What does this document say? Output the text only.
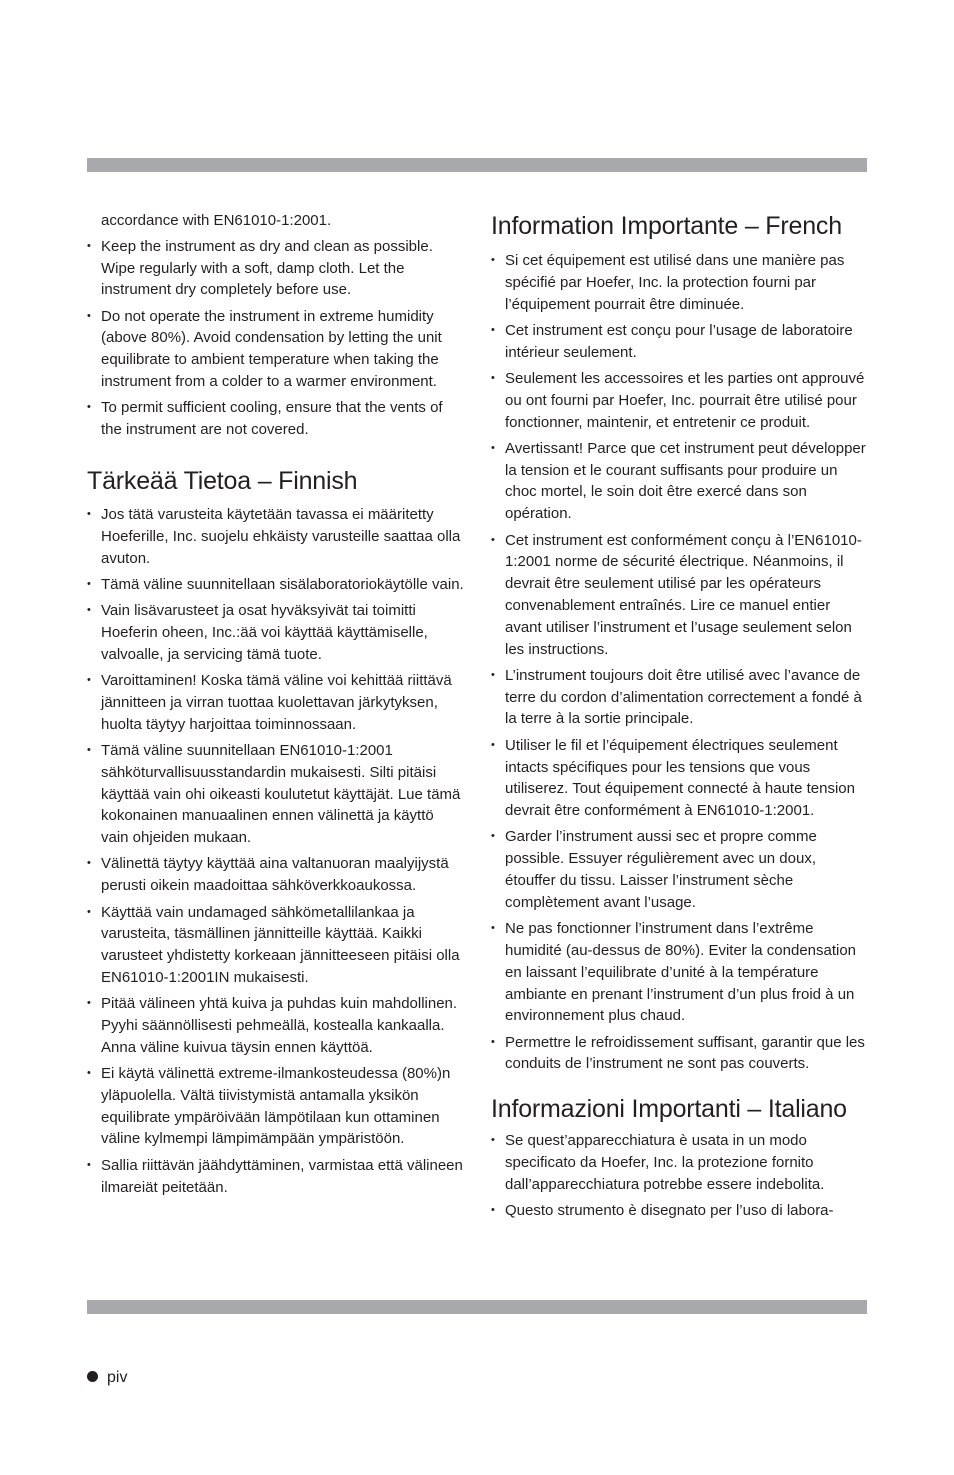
accordance with EN61010-1:2001.

• Keep the instrument as dry and clean as possible. Wipe regularly with a soft, damp cloth. Let the instrument dry completely before use.
• Do not operate the instrument in extreme humidity (above 80%). Avoid condensation by letting the unit equilibrate to ambient temperature when taking the instrument from a colder to a warmer environment.
• To permit sufficient cooling, ensure that the vents of the instrument are not covered.
Tärkeää Tietoa – Finnish
• Jos tätä varusteita käytetään tavassa ei määritetty Hoeferille, Inc. suojelu ehkäisty varusteille saattaa olla avuton.
• Tämä väline suunnitellaan sisälaboratoriokäytölle vain.
• Vain lisävarusteet ja osat hyväksyivät tai toimitti Hoeferin oheen, Inc.:ää voi käyttää käyttämiselle, valvoalle, ja servicing tämä tuote.
• Varoittaminen! Koska tämä väline voi kehittää riittävä jännitteen ja virran tuottaa kuolettavan järkytyksen, huolta täytyy harjoittaa toiminnossaan.
• Tämä väline suunnitellaan EN61010-1:2001 sähköturvallisuusstandardin mukaisesti. Silti pitäisi käyttää vain ohi oikeasti koulutetut käyttäjät. Lue tämä kokonainen manuaalinen ennen välinettä ja käyttö vain ohjeiden mukaan.
• Välinettä täytyy käyttää aina valtanuoran maalyijystä perusti oikein maadoittaa sähköverkkoaukossa.
• Käyttää vain undamaged sähkömetallilankaa ja varusteita, täsmällinen jännitteille käyttää. Kaikki varusteet yhdistetty korkeaan jännitteeseen pitäisi olla EN61010-1:2001IN mukaisesti.
• Pitää välineen yhtä kuiva ja puhdas kuin mahdollinen. Pyyhi säännöllisesti pehmeällä, kostealla kankaalla. Anna väline kuivua täysin ennen käyttöä.
• Ei käytä välinettä extreme-ilmankosteudessa (80%)n yläpuolella. Vältä tiivistymistä antamalla yksikön equilibrate ympäröivään lämpötilaan kun ottaminen väline kylmempi lämpimämpään ympäristöön.
• Sallia riittävän jäähdyttäminen, varmistaa että välineen ilmareiät peitetään.
Information Importante – French
• Si cet équipement est utilisé dans une manière pas spécifié par Hoefer, Inc. la protection fourni par l’équipement pourrait être diminuée.
• Cet instrument est conçu pour l’usage de laboratoire intérieur seulement.
• Seulement les accessoires et les parties ont approuvé ou ont fourni par Hoefer, Inc. pourrait être utilisé pour fonctionner, maintenir, et entretenir ce produit.
• Avertissant! Parce que cet instrument peut développer la tension et le courant suffisants pour produire un choc mortel, le soin doit être exercé dans son opération.
• Cet instrument est conformément conçu à l’EN61010-1:2001 norme de sécurité électrique. Néanmoins, il devrait être seulement utilisé par les opérateurs convenablement entraînés. Lire ce manuel entier avant utiliser l’instrument et l’usage seulement selon les instructions.
• L’instrument toujours doit être utilisé avec l’avance de terre du cordon d’alimentation correctement a fondé à la terre à la sortie principale.
• Utiliser le fil et l’équipement électriques seulement intacts spécifiques pour les tensions que vous utiliserez. Tout équipement connecté à haute tension devrait être conformément à EN61010-1:2001.
• Garder l’instrument aussi sec et propre comme possible. Essuyer régulièrement avec un doux, étouffer du tissu. Laisser l’instrument sèche complètement avant l’usage.
• Ne pas fonctionner l’instrument dans l’extrême humidité (au-dessus de 80%). Eviter la condensation en laissant l’equilibrate d’unité à la température ambiante en prenant l’instrument d’un plus froid à un environnement plus chaud.
• Permettre le refroidissement suffisant, garantir que les conduits de l’instrument ne sont pas couverts.
Informazioni Importanti – Italiano
• Se quest’apparecchiatura è usata in un modo specificato da Hoefer, Inc. la protezione fornito dall’apparecchiatura potrebbe essere indebolita.
• Questo strumento è disegnato per l’uso di labora-
piv
